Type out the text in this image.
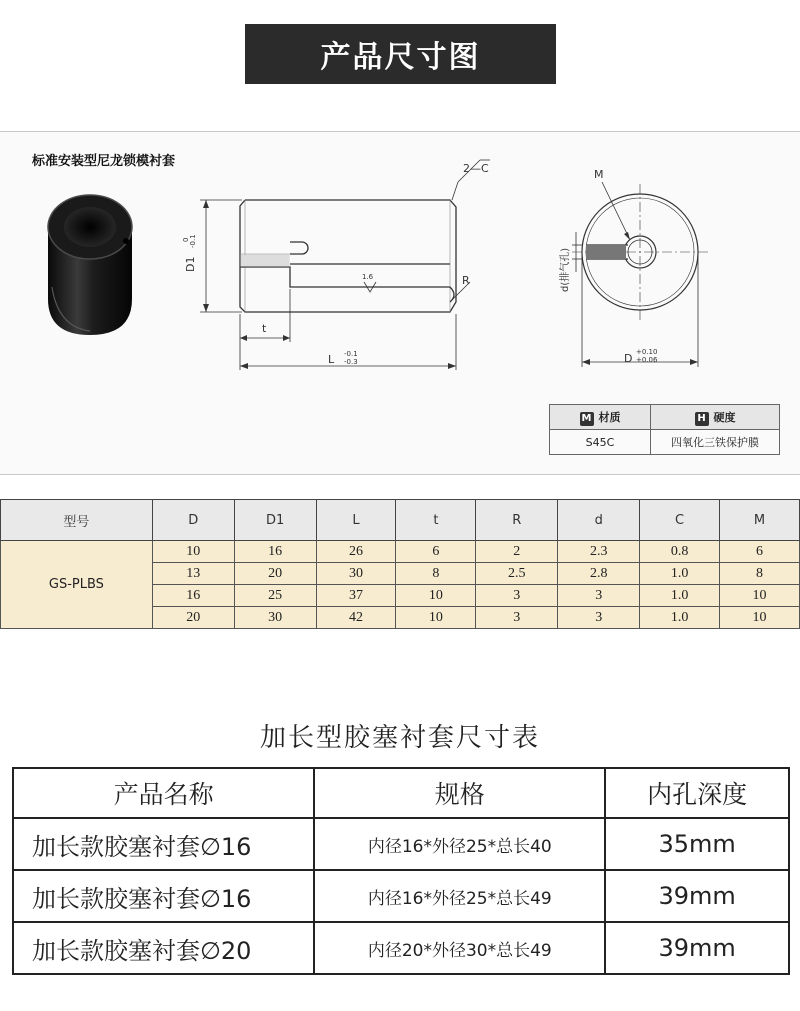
产品尺寸图
标准安装型尼龙锁模衬套	2—C
D1
0 -0.1
1.6	R
t
L -0.1
-0.3
M
d(排气孔)
D +0.10
+0.06
M 材质	H 硬度
S45C	四氧化三铁保护膜
型号	D	D1	L	t	R	d	C	M
GS-PLBS	10	16	26	6	2	2.3	0.8	6
	13	20	30	8	2.5	2.8	1.0	8
	16	25	37	10	3	3	1.0	10
	20	30	42	10	3	3	1.0	10
加长型胶塞衬套尺寸表
产品名称	规格	内孔深度
加长款胶塞衬套∅16	内径16*外径25*总长40	35mm
加长款胶塞衬套∅16	内径16*外径25*总长49	39mm
加长款胶塞衬套∅20	内径20*外径30*总长49	39mm
